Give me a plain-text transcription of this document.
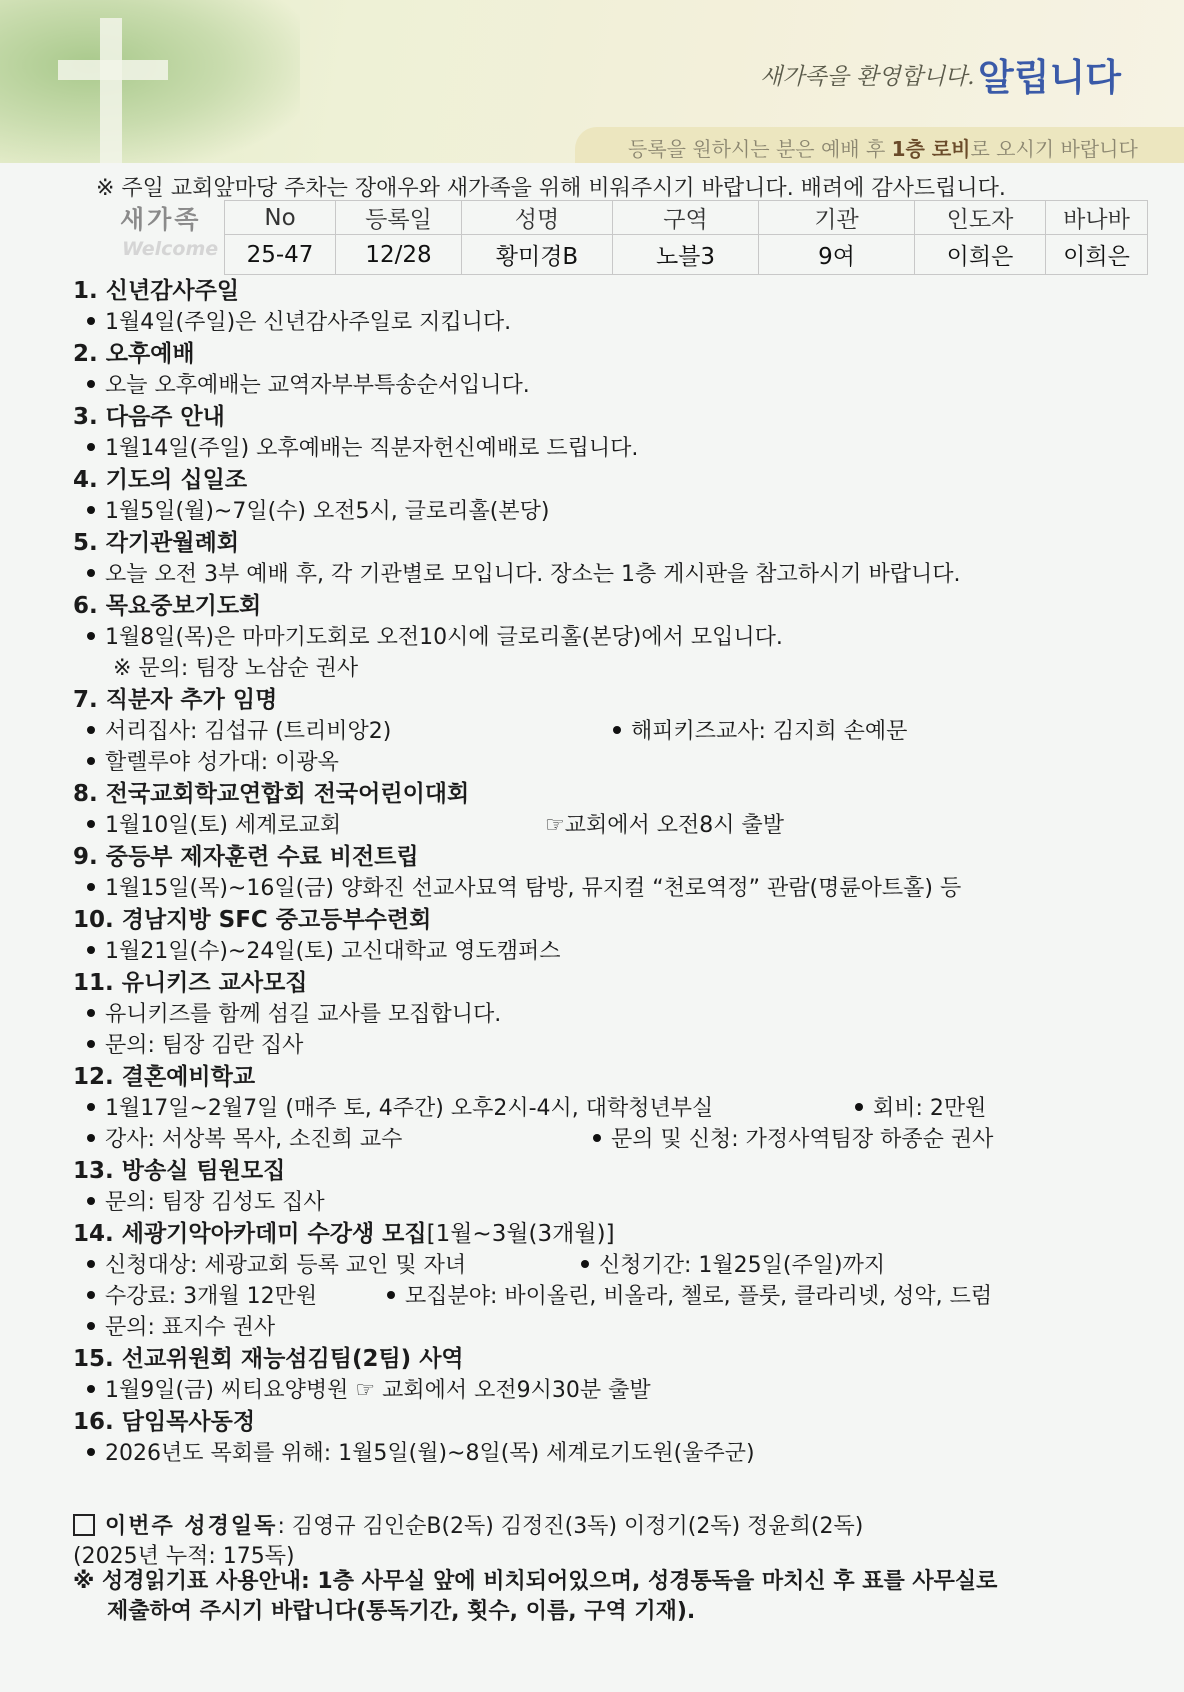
새가족을 환영합니다. 알립니다
등록을 원하시는 분은 예배 후 1층 로비로 오시기 바랍니다
※ 주일 교회앞마당 주차는 장애우와 새가족을 위해 비워주시기 바랍니다. 배려에 감사드립니다.
새가족
Welcome
No	등록일	성명	구역	기관	인도자	바나바
25-47	12/28	황미경B	노블3	9여	이희은	이희은
1. 신년감사주일
1월4일(주일)은 신년감사주일로 지킵니다.
2. 오후예배
오늘 오후예배는 교역자부부특송순서입니다.
3. 다음주 안내
1월14일(주일) 오후예배는 직분자헌신예배로 드립니다.
4. 기도의 십일조
1월5일(월)~7일(수) 오전5시, 글로리홀(본당)
5. 각기관월례회
오늘 오전 3부 예배 후, 각 기관별로 모입니다. 장소는 1층 게시판을 참고하시기 바랍니다.
6. 목요중보기도회
1월8일(목)은 마마기도회로 오전10시에 글로리홀(본당)에서 모입니다.
※ 문의: 팀장 노삼순 권사
7. 직분자 추가 임명
서리집사: 김섭규 (트리비앙2)	해피키즈교사: 김지희 손예문
할렐루야 성가대: 이광옥
8. 전국교회학교연합회 전국어린이대회
1월10일(토) 세계로교회	☞교회에서 오전8시 출발
9. 중등부 제자훈련 수료 비전트립
1월15일(목)~16일(금) 양화진 선교사묘역 탐방, 뮤지컬 “천로역정” 관람(명륜아트홀) 등
10. 경남지방 SFC 중고등부수련회
1월21일(수)~24일(토) 고신대학교 영도캠퍼스
11. 유니키즈 교사모집
유니키즈를 함께 섬길 교사를 모집합니다.
문의: 팀장 김란 집사
12. 결혼예비학교
1월17일~2월7일 (매주 토, 4주간) 오후2시-4시, 대학청년부실	회비: 2만원
강사: 서상복 목사, 소진희 교수	문의 및 신청: 가정사역팀장 하종순 권사
13. 방송실 팀원모집
문의: 팀장 김성도 집사
14. 세광기악아카데미 수강생 모집[1월~3월(3개월)]
신청대상: 세광교회 등록 교인 및 자녀	신청기간: 1월25일(주일)까지
수강료: 3개월 12만원	모집분야: 바이올린, 비올라, 첼로, 플룻, 클라리넷, 성악, 드럼
문의: 표지수 권사
15. 선교위원회 재능섬김팀(2팀) 사역
1월9일(금) 씨티요양병원 ☞ 교회에서 오전9시30분 출발
16. 담임목사동정
2026년도 목회를 위해: 1월5일(월)~8일(목) 세계로기도원(울주군)
이번주 성경일독: 김영규 김인순B(2독) 김정진(3독) 이정기(2독) 정윤희(2독)
(2025년 누적: 175독)
※ 성경읽기표 사용안내: 1층 사무실 앞에 비치되어있으며, 성경통독을 마치신 후 표를 사무실로
제출하여 주시기 바랍니다(통독기간, 횟수, 이름, 구역 기재).
